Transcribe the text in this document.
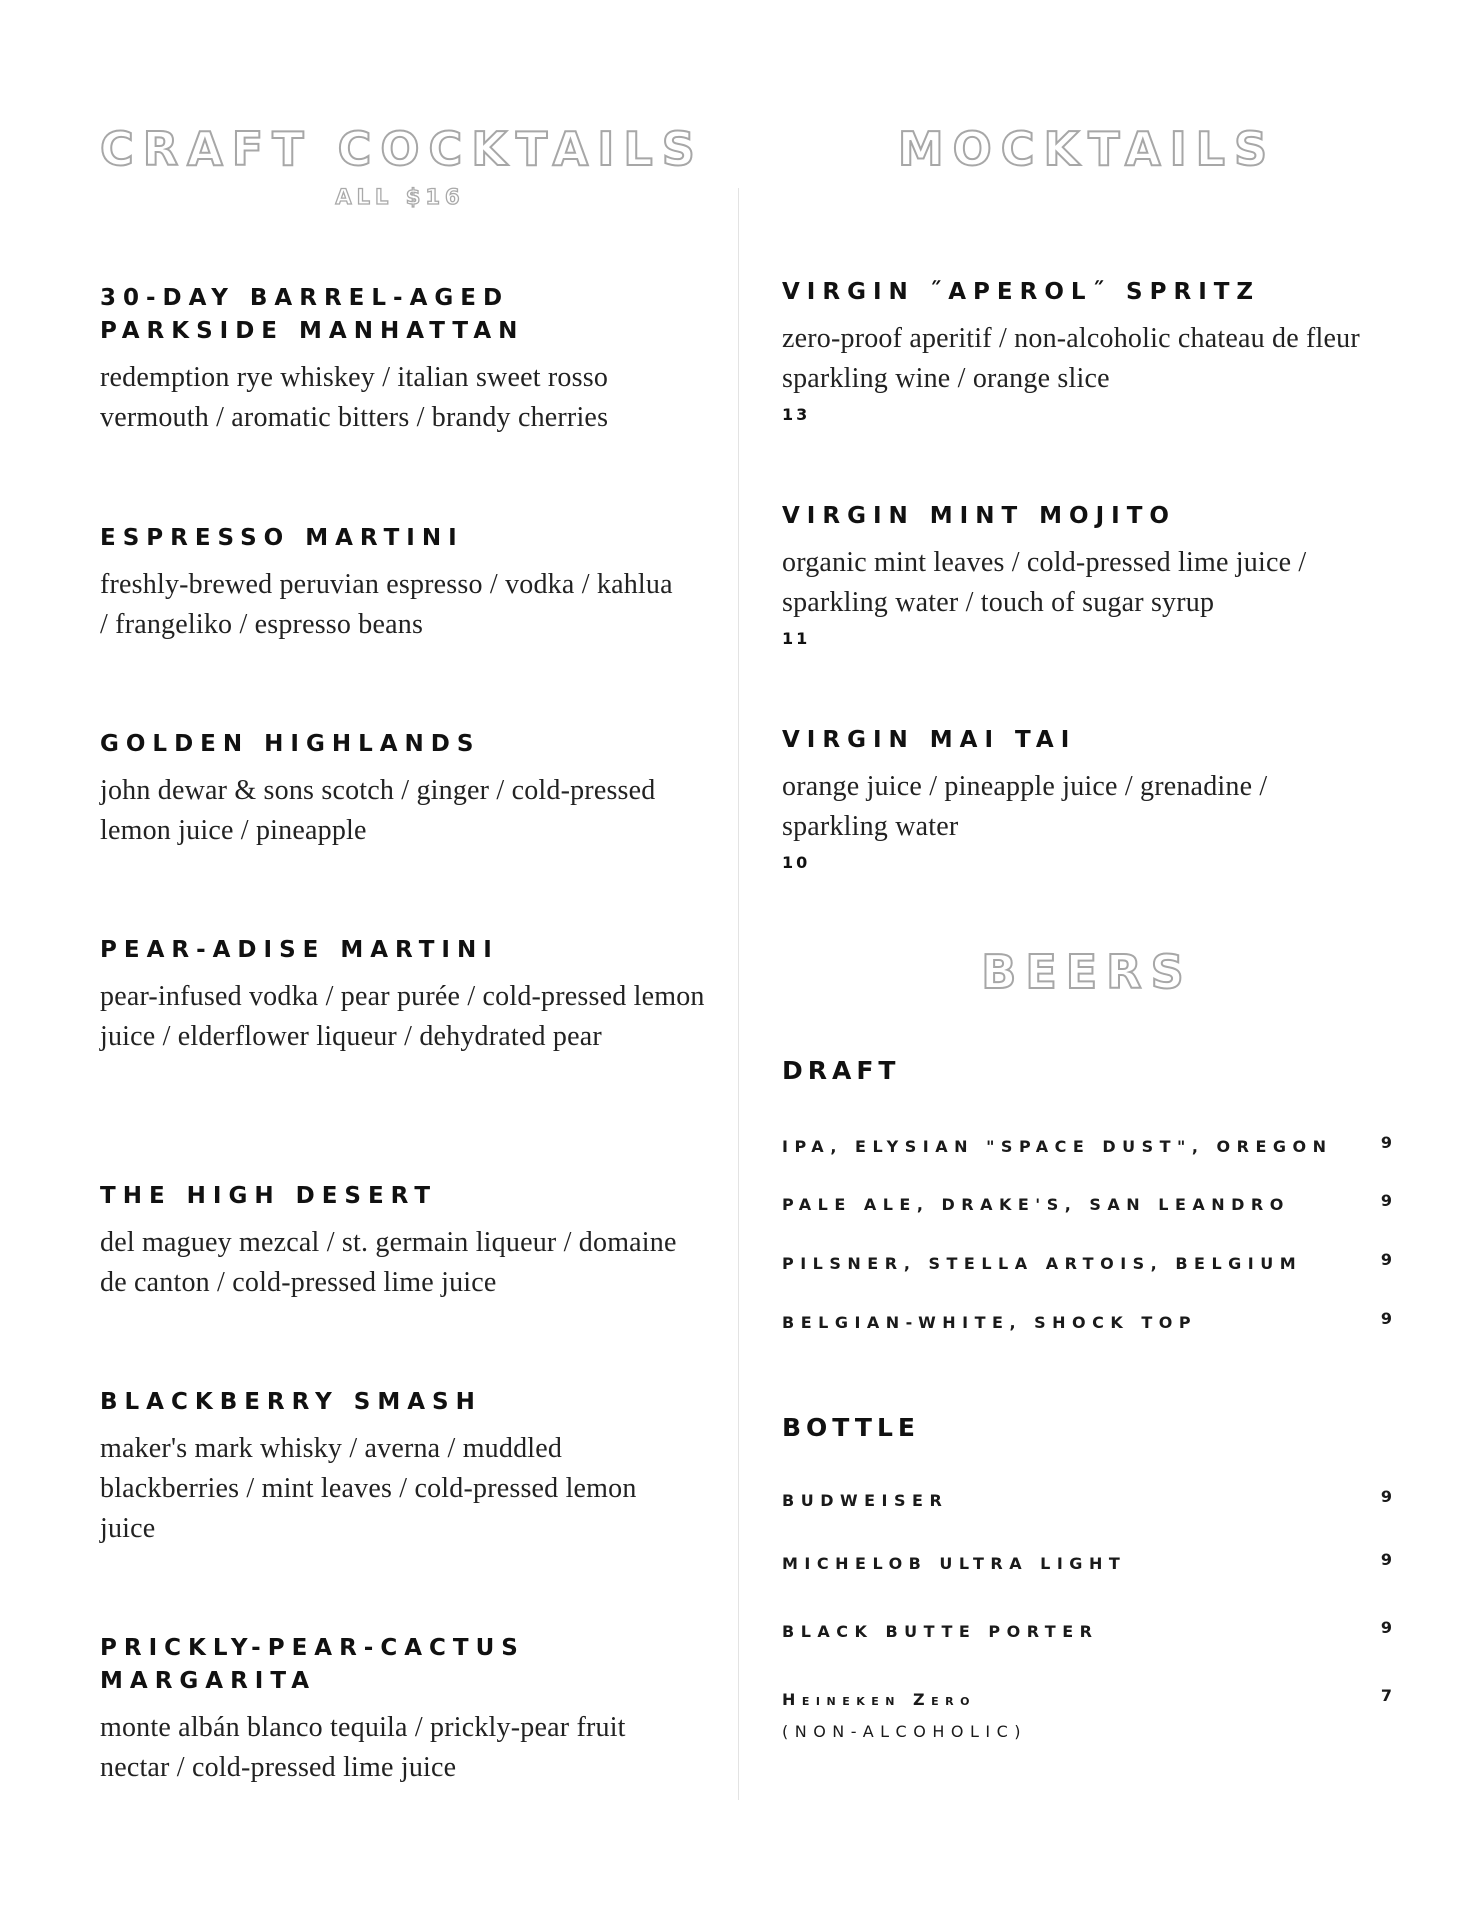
CRAFT COCKTAILS
ALL $16
MOCKTAILS
30-DAY BARREL-AGED PARKSIDE MANHATTAN
redemption rye whiskey / italian sweet rosso vermouth / aromatic bitters / brandy cherries
ESPRESSO MARTINI
freshly-brewed peruvian espresso / vodka / kahlua / frangeliko / espresso beans
GOLDEN HIGHLANDS
john dewar & sons scotch / ginger / cold-pressed lemon juice / pineapple
PEAR-ADISE MARTINI
pear-infused vodka / pear purée / cold-pressed lemon juice / elderflower liqueur / dehydrated pear
THE HIGH DESERT
del maguey mezcal / st. germain liqueur / domaine de canton / cold-pressed lime juice
BLACKBERRY SMASH
maker's mark whisky / averna / muddled blackberries / mint leaves / cold-pressed lemon juice
PRICKLY-PEAR-CACTUS MARGARITA
monte albán blanco tequila / prickly-pear fruit nectar / cold-pressed lime juice
VIRGIN ˝APEROL˝ SPRITZ
zero-proof aperitif / non-alcoholic chateau de fleur sparkling wine / orange slice
13
VIRGIN MINT MOJITO
organic mint leaves / cold-pressed lime juice / sparkling water / touch of sugar syrup
11
VIRGIN MAI TAI
orange juice / pineapple juice / grenadine / sparkling water
10
BEERS
DRAFT
IPA, ELYSIAN "SPACE DUST", OREGON	9
PALE ALE, DRAKE'S, SAN LEANDRO	9
PILSNER, STELLA ARTOIS, BELGIUM	9
BELGIAN-WHITE, SHOCK TOP	9
BOTTLE
BUDWEISER	9
MICHELOB ULTRA LIGHT	9
BLACK BUTTE PORTER	9
Heineken Zero	7
(NON-ALCOHOLIC)
